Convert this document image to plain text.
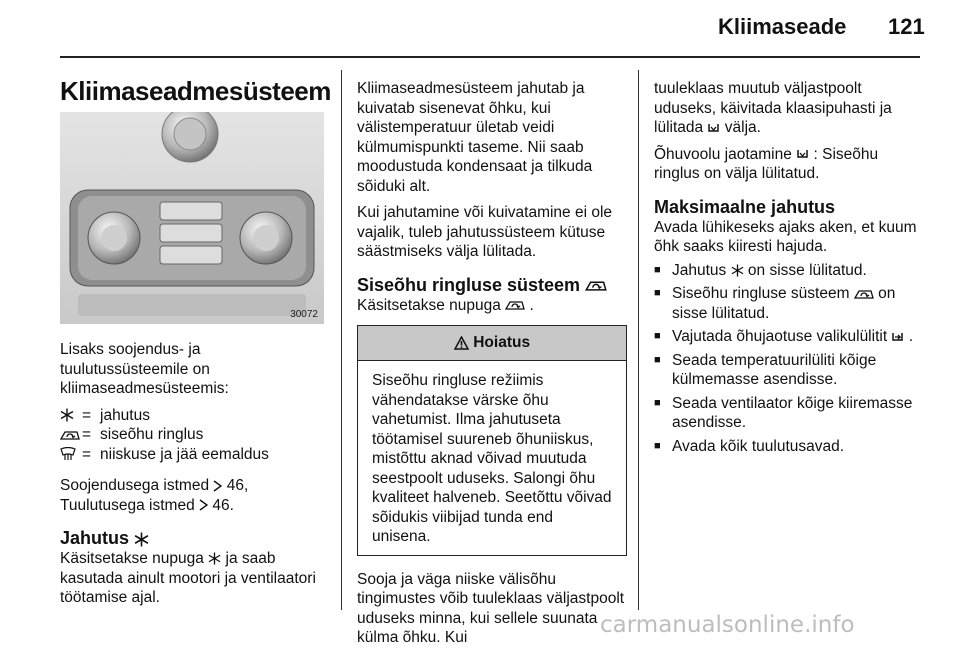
Kliimaseade 121
Kliimaseadmesüsteem
30072

Lisaks soojendus- ja tuulutussüsteemile on kliimaseadmesüsteemis:

= jahutus
= siseõhu ringlus
= niiskuse ja jää eemaldus

Soojendusega istmed 46,

Tuulutusega istmed 46.

Jahutus

Käsitsetakse nupuga ja saab kasutada ainult mootori ja ventilaatori töötamise ajal.

Kliimaseadmesüsteem jahutab ja kuivatab sisenevat õhku, kui välistemperatuur ületab veidi külmumispunkti taseme. Nii saab moodustuda kondensaat ja tilkuda sõiduki alt.

Kui jahutamine või kuivatamine ei ole vajalik, tuleb jahutussüsteem kütuse säästmiseks välja lülitada.

Siseõhu ringluse süsteem

Käsitsetakse nupuga .

Hoiatus
Siseõhu ringluse režiimis vähendatakse värske õhu vahetumist. Ilma jahutuseta töötamisel suureneb õhuniiskus, mistõttu aknad võivad muutuda seestpoolt uduseks. Salongi õhu kvaliteet halveneb. Seetõttu võivad sõidukis viibijad tunda end unisena.

Sooja ja väga niiske välisõhu tingimustes võib tuuleklaas väljastpoolt uduseks minna, kui sellele suunata külma õhku. Kui

tuuleklaas muutub väljastpoolt uduseks, käivitada klaasipuhasti ja lülitada välja.

Õhuvoolu jaotamine : Siseõhu ringlus on välja lülitatud.

Maksimaalne jahutus

Avada lühikeseks ajaks aken, et kuum õhk saaks kiiresti hajuda.

■ Jahutus on sisse lülitatud.
■ Siseõhu ringluse süsteem on sisse lülitatud.
■ Vajutada õhujaotuse valikulülitit .
■ Seada temperatuurilüliti kõige külmemasse asendisse.
■ Seada ventilaator kõige kiiremasse asendisse.
■ Avada kõik tuulutusavad.
carmanualsonline.info
